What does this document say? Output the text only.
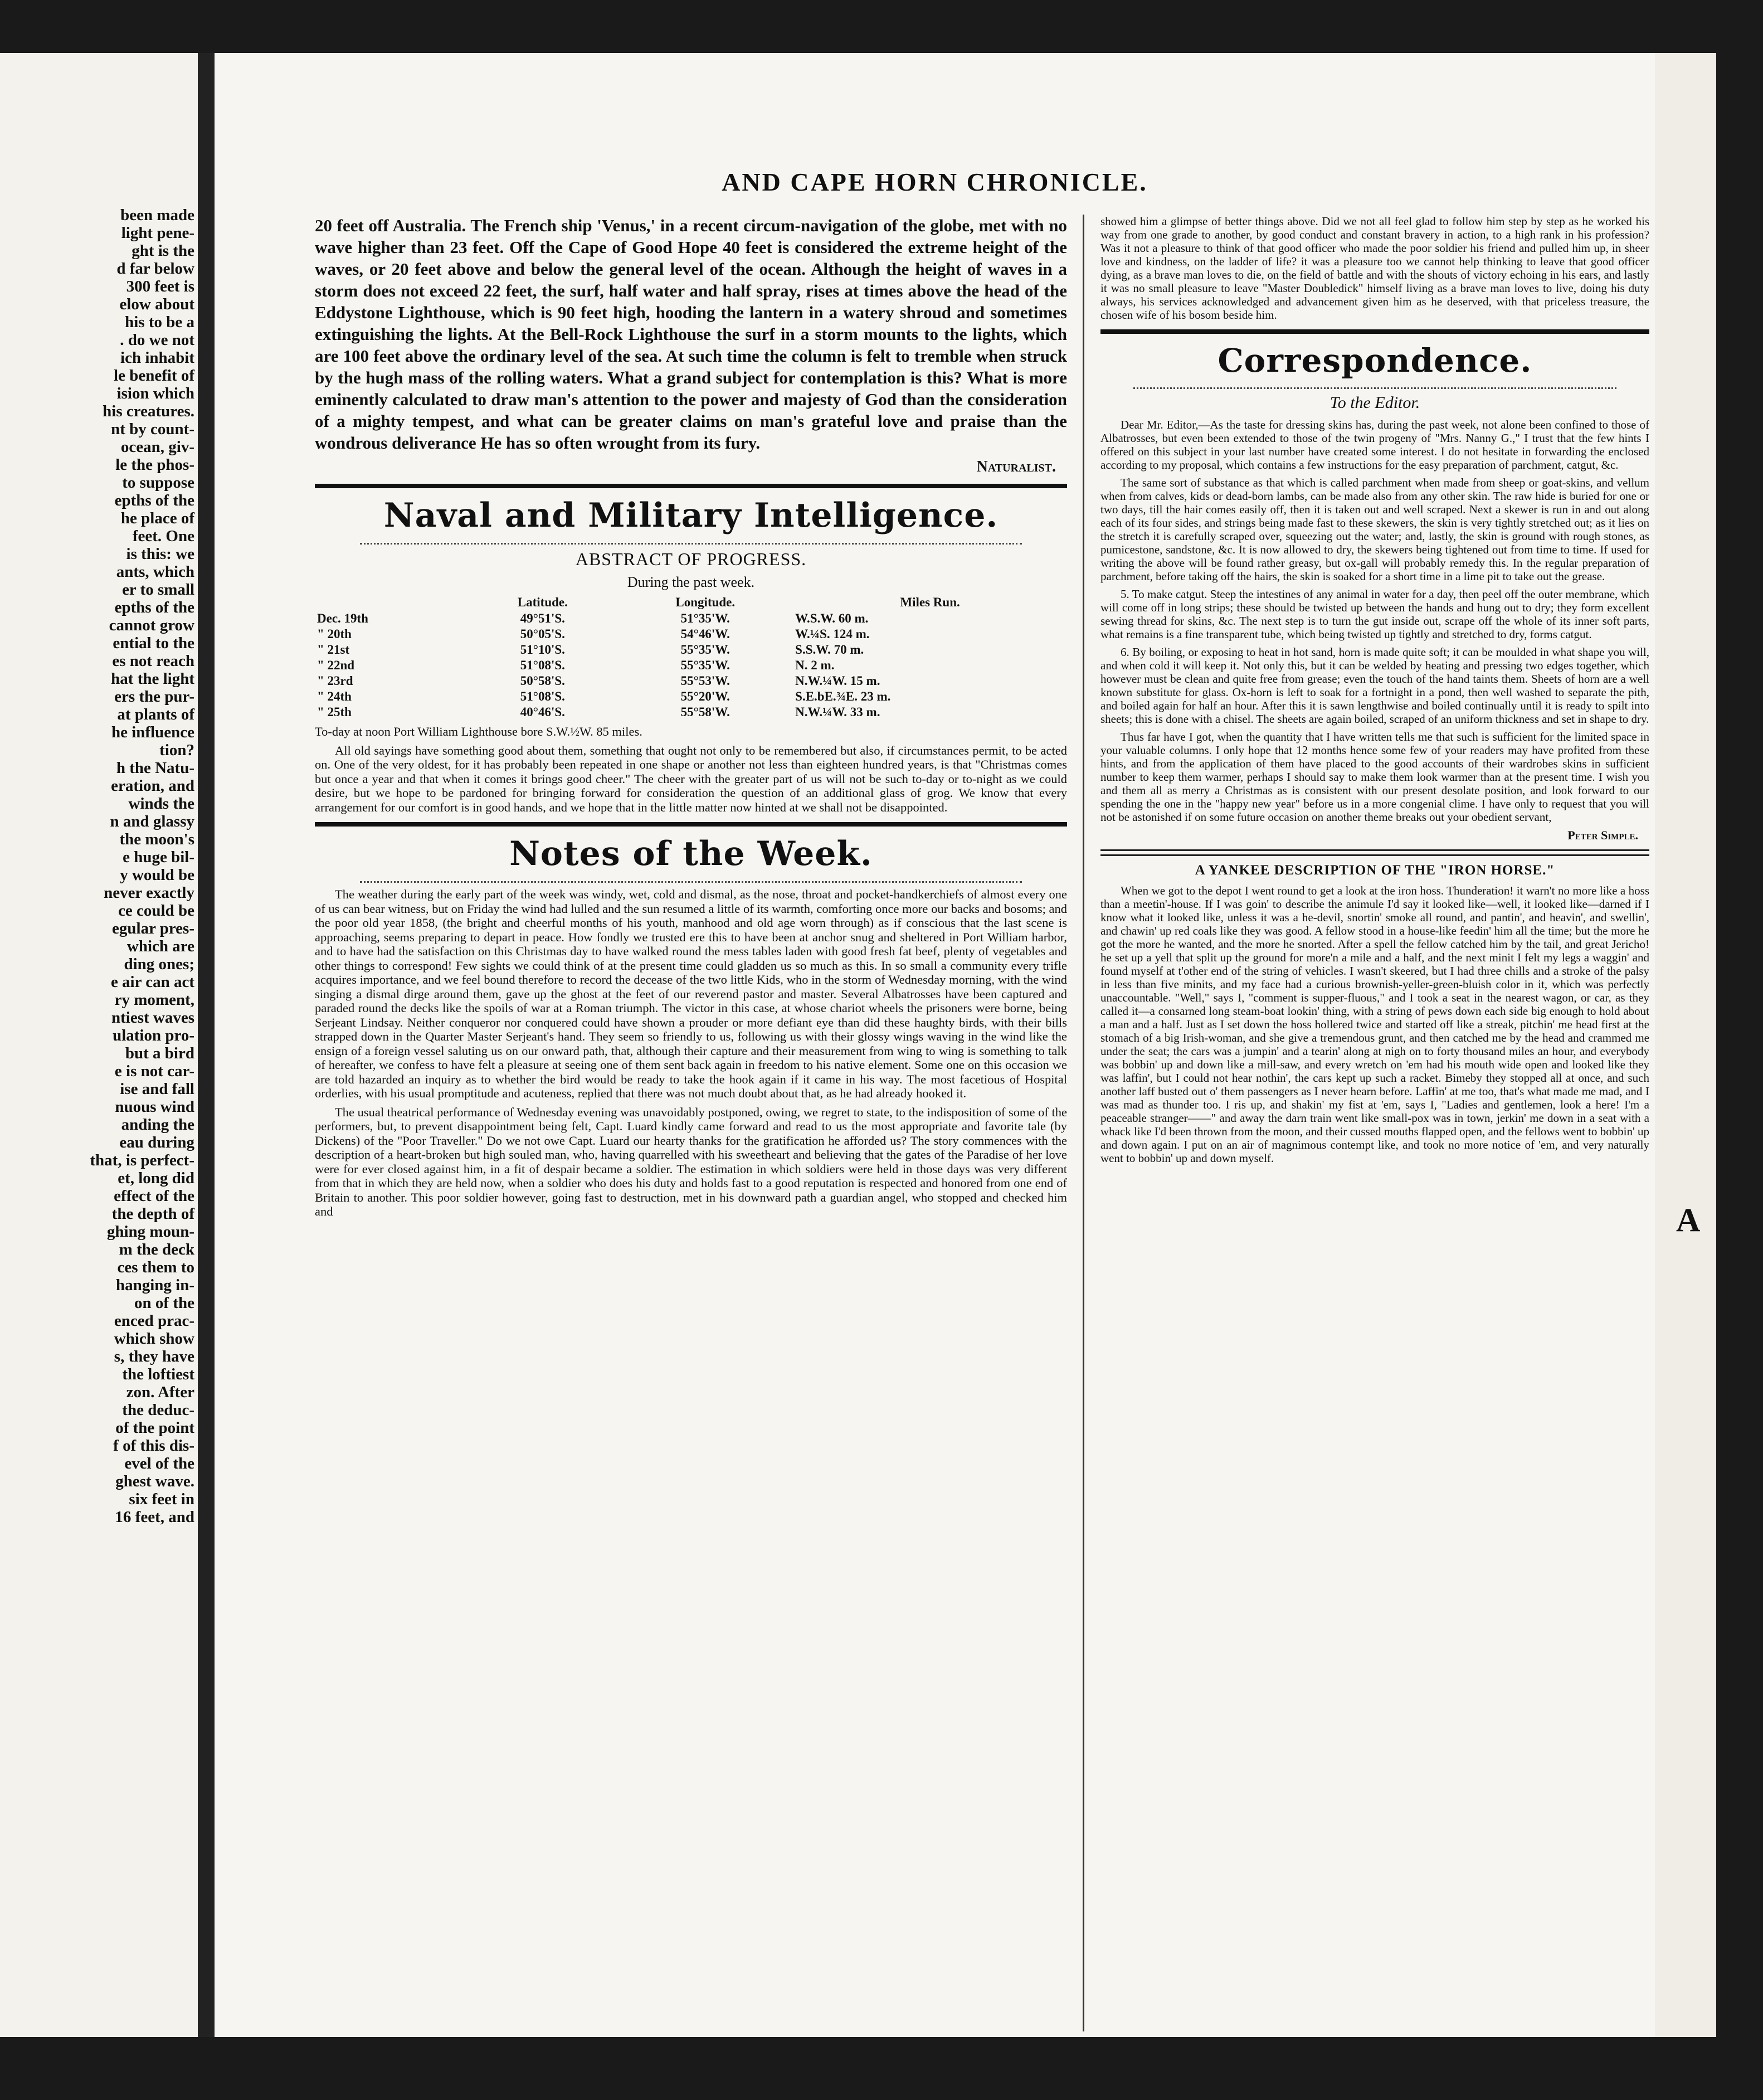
been made
light pene-
ght is the
d far below
300 feet is
elow about
his to be a
. do we not
ich inhabit
le benefit of
ision which
his creatures.
nt by count-
ocean, giv-
le the phos-
to suppose
epths of the
he place of
feet. One
is this: we
ants, which
er to small
epths of the
cannot grow
ential to the
es not reach
hat the light
ers the pur-
at plants of
he influence
tion?
h the Natu-
eration, and
winds the
n and glassy
the moon's
e huge bil-
y would be
never exactly
ce could be
egular pres-
which are
ding ones;
e air can act
ry moment,
ntiest waves
ulation pro-
but a bird
e is not car-
ise and fall
nuous wind
anding the
eau during
that, is perfect-
et, long did
effect of the
the depth of
ghing moun-
m the deck
ces them to
hanging in-
on of the
enced prac-
which show
s, they have
the loftiest
zon. After
the deduc-
of the point
f of this dis-
evel of the
ghest wave.
six feet in
16 feet, and
AND CAPE HORN CHRONICLE.

20 feet off Australia. The French ship 'Venus,' in a recent circum-navigation of the globe, met with no wave higher than 23 feet. Off the Cape of Good Hope 40 feet is considered the extreme height of the waves, or 20 feet above and below the general level of the ocean. Although the height of waves in a storm does not exceed 22 feet, the surf, half water and half spray, rises at times above the head of the Eddystone Lighthouse, which is 90 feet high, hooding the lantern in a watery shroud and sometimes extinguishing the lights. At the Bell-Rock Lighthouse the surf in a storm mounts to the lights, which are 100 feet above the ordinary level of the sea. At such time the column is felt to tremble when struck by the hugh mass of the rolling waters. What a grand subject for contemplation is this? What is more eminently calculated to draw man's attention to the power and majesty of God than the consideration of a mighty tempest, and what can be greater claims on man's grateful love and praise than the wondrous deliverance He has so often wrought from its fury.

Naturalist.
Naval and Military Intelligence.
ABSTRACT OF PROGRESS.
During the past week.
	Latitude.	Longitude.	Miles Run.
Dec. 19th	49°51'S.	51°35'W.	W.S.W. 60 m.
" 20th	50°05'S.	54°46'W.	W.¼S. 124 m.
" 21st	51°10'S.	55°35'W.	S.S.W. 70 m.
" 22nd	51°08'S.	55°35'W.	N. 2 m.
" 23rd	50°58'S.	55°53'W.	N.W.¼W. 15 m.
" 24th	51°08'S.	55°20'W.	S.E.bE.¾E. 23 m.
" 25th	40°46'S.	55°58'W.	N.W.¼W. 33 m.

To-day at noon Port William Lighthouse bore S.W.½W. 85 miles.

All old sayings have something good about them, something that ought not only to be remembered but also, if circumstances permit, to be acted on. One of the very oldest, for it has probably been repeated in one shape or another not less than eighteen hundred years, is that "Christmas comes but once a year and that when it comes it brings good cheer." The cheer with the greater part of us will not be such to-day or to-night as we could desire, but we hope to be pardoned for bringing forward for consideration the question of an additional glass of grog. We know that every arrangement for our comfort is in good hands, and we hope that in the little matter now hinted at we shall not be disappointed.

Notes of the Week.

The weather during the early part of the week was windy, wet, cold and dismal, as the nose, throat and pocket-handkerchiefs of almost every one of us can bear witness, but on Friday the wind had lulled and the sun resumed a little of its warmth, comforting once more our backs and bosoms; and the poor old year 1858, (the bright and cheerful months of his youth, manhood and old age worn through) as if conscious that the last scene is approaching, seems preparing to depart in peace. How fondly we trusted ere this to have been at anchor snug and sheltered in Port William harbor, and to have had the satisfaction on this Christmas day to have walked round the mess tables laden with good fresh fat beef, plenty of vegetables and other things to correspond! Few sights we could think of at the present time could gladden us so much as this. In so small a community every trifle acquires importance, and we feel bound therefore to record the decease of the two little Kids, who in the storm of Wednesday morning, with the wind singing a dismal dirge around them, gave up the ghost at the feet of our reverend pastor and master. Several Albatrosses have been captured and paraded round the decks like the spoils of war at a Roman triumph. The victor in this case, at whose chariot wheels the prisoners were borne, being Serjeant Lindsay. Neither conqueror nor conquered could have shown a prouder or more defiant eye than did these haughty birds, with their bills strapped down in the Quarter Master Serjeant's hand. They seem so friendly to us, following us with their glossy wings waving in the wind like the ensign of a foreign vessel saluting us on our onward path, that, although their capture and their measurement from wing to wing is something to talk of hereafter, we confess to have felt a pleasure at seeing one of them sent back again in freedom to his native element. Some one on this occasion we are told hazarded an inquiry as to whether the bird would be ready to take the hook again if it came in his way. The most facetious of Hospital orderlies, with his usual promptitude and acuteness, replied that there was not much doubt about that, as he had already hooked it.

The usual theatrical performance of Wednesday evening was unavoidably postponed, owing, we regret to state, to the indisposition of some of the performers, but, to prevent disappointment being felt, Capt. Luard kindly came forward and read to us the most appropriate and favorite tale (by Dickens) of the "Poor Traveller." Do we not owe Capt. Luard our hearty thanks for the gratification he afforded us? The story commences with the description of a heart-broken but high souled man, who, having quarrelled with his sweetheart and believing that the gates of the Paradise of her love were for ever closed against him, in a fit of despair became a soldier. The estimation in which soldiers were held in those days was very different from that in which they are held now, when a soldier who does his duty and holds fast to a good reputation is respected and honored from one end of Britain to another. This poor soldier however, going fast to destruction, met in his downward path a guardian angel, who stopped and checked him and

showed him a glimpse of better things above. Did we not all feel glad to follow him step by step as he worked his way from one grade to another, by good conduct and constant bravery in action, to a high rank in his profession? Was it not a pleasure to think of that good officer who made the poor soldier his friend and pulled him up, in sheer love and kindness, on the ladder of life? it was a pleasure too we cannot help thinking to leave that good officer dying, as a brave man loves to die, on the field of battle and with the shouts of victory echoing in his ears, and lastly it was no small pleasure to leave "Master Doubledick" himself living as a brave man loves to live, doing his duty always, his services acknowledged and advancement given him as he deserved, with that priceless treasure, the chosen wife of his bosom beside him.

Correspondence.
To the Editor.

Dear Mr. Editor,—As the taste for dressing skins has, during the past week, not alone been confined to those of Albatrosses, but even been extended to those of the twin progeny of "Mrs. Nanny G.," I trust that the few hints I offered on this subject in your last number have created some interest. I do not hesitate in forwarding the enclosed according to my proposal, which contains a few instructions for the easy preparation of parchment, catgut, &c.

The same sort of substance as that which is called parchment when made from sheep or goat-skins, and vellum when from calves, kids or dead-born lambs, can be made also from any other skin. The raw hide is buried for one or two days, till the hair comes easily off, then it is taken out and well scraped. Next a skewer is run in and out along each of its four sides, and strings being made fast to these skewers, the skin is very tightly stretched out; as it lies on the stretch it is carefully scraped over, squeezing out the water; and, lastly, the skin is ground with rough stones, as pumicestone, sandstone, &c. It is now allowed to dry, the skewers being tightened out from time to time. If used for writing the above will be found rather greasy, but ox-gall will probably remedy this. In the regular preparation of parchment, before taking off the hairs, the skin is soaked for a short time in a lime pit to take out the grease.

5. To make catgut. Steep the intestines of any animal in water for a day, then peel off the outer membrane, which will come off in long strips; these should be twisted up between the hands and hung out to dry; they form excellent sewing thread for skins, &c. The next step is to turn the gut inside out, scrape off the whole of its inner soft parts, what remains is a fine transparent tube, which being twisted up tightly and stretched to dry, forms catgut.

6. By boiling, or exposing to heat in hot sand, horn is made quite soft; it can be moulded in what shape you will, and when cold it will keep it. Not only this, but it can be welded by heating and pressing two edges together, which however must be clean and quite free from grease; even the touch of the hand taints them. Sheets of horn are a well known substitute for glass. Ox-horn is left to soak for a fortnight in a pond, then well washed to separate the pith, and boiled again for half an hour. After this it is sawn lengthwise and boiled continually until it is ready to spilt into sheets; this is done with a chisel. The sheets are again boiled, scraped of an uniform thickness and set in shape to dry.

Thus far have I got, when the quantity that I have written tells me that such is sufficient for the limited space in your valuable columns. I only hope that 12 months hence some few of your readers may have profited from these hints, and from the application of them have placed to the good accounts of their wardrobes skins in sufficient number to keep them warmer, perhaps I should say to make them look warmer than at the present time. I wish you and them all as merry a Christmas as is consistent with our present desolate position, and look forward to our spending the one in the "happy new year" before us in a more congenial clime. I have only to request that you will not be astonished if on some future occasion on another theme breaks out your obedient servant,

Peter Simple.
A YANKEE DESCRIPTION OF THE "IRON HORSE."

When we got to the depot I went round to get a look at the iron hoss. Thunderation! it warn't no more like a hoss than a meetin'-house. If I was goin' to describe the animule I'd say it looked like—well, it looked like—darned if I know what it looked like, unless it was a he-devil, snortin' smoke all round, and pantin', and heavin', and swellin', and chawin' up red coals like they was good. A fellow stood in a house-like feedin' him all the time; but the more he got the more he wanted, and the more he snorted. After a spell the fellow catched him by the tail, and great Jericho! he set up a yell that split up the ground for more'n a mile and a half, and the next minit I felt my legs a waggin' and found myself at t'other end of the string of vehicles. I wasn't skeered, but I had three chills and a stroke of the palsy in less than five minits, and my face had a curious brownish-yeller-green-bluish color in it, which was perfectly unaccountable. "Well," says I, "comment is supper-fluous," and I took a seat in the nearest wagon, or car, as they called it—a consarned long steam-boat lookin' thing, with a string of pews down each side big enough to hold about a man and a half. Just as I set down the hoss hollered twice and started off like a streak, pitchin' me head first at the stomach of a big Irish-woman, and she give a tremendous grunt, and then catched me by the head and crammed me under the seat; the cars was a jumpin' and a tearin' along at nigh on to forty thousand miles an hour, and everybody was bobbin' up and down like a mill-saw, and every wretch on 'em had his mouth wide open and looked like they was laffin', but I could not hear nothin', the cars kept up such a racket. Bimeby they stopped all at once, and such another laff busted out o' them passengers as I never hearn before. Laffin' at me too, that's what made me mad, and I was mad as thunder too. I ris up, and shakin' my fist at 'em, says I, "Ladies and gentlemen, look a here! I'm a peaceable stranger——" and away the darn train went like small-pox was in town, jerkin' me down in a seat with a whack like I'd been thrown from the moon, and their cussed mouths flapped open, and the fellows went to bobbin' up and down again. I put on an air of magnimous contempt like, and took no more notice of 'em, and very naturally went to bobbin' up and down myself.

A
